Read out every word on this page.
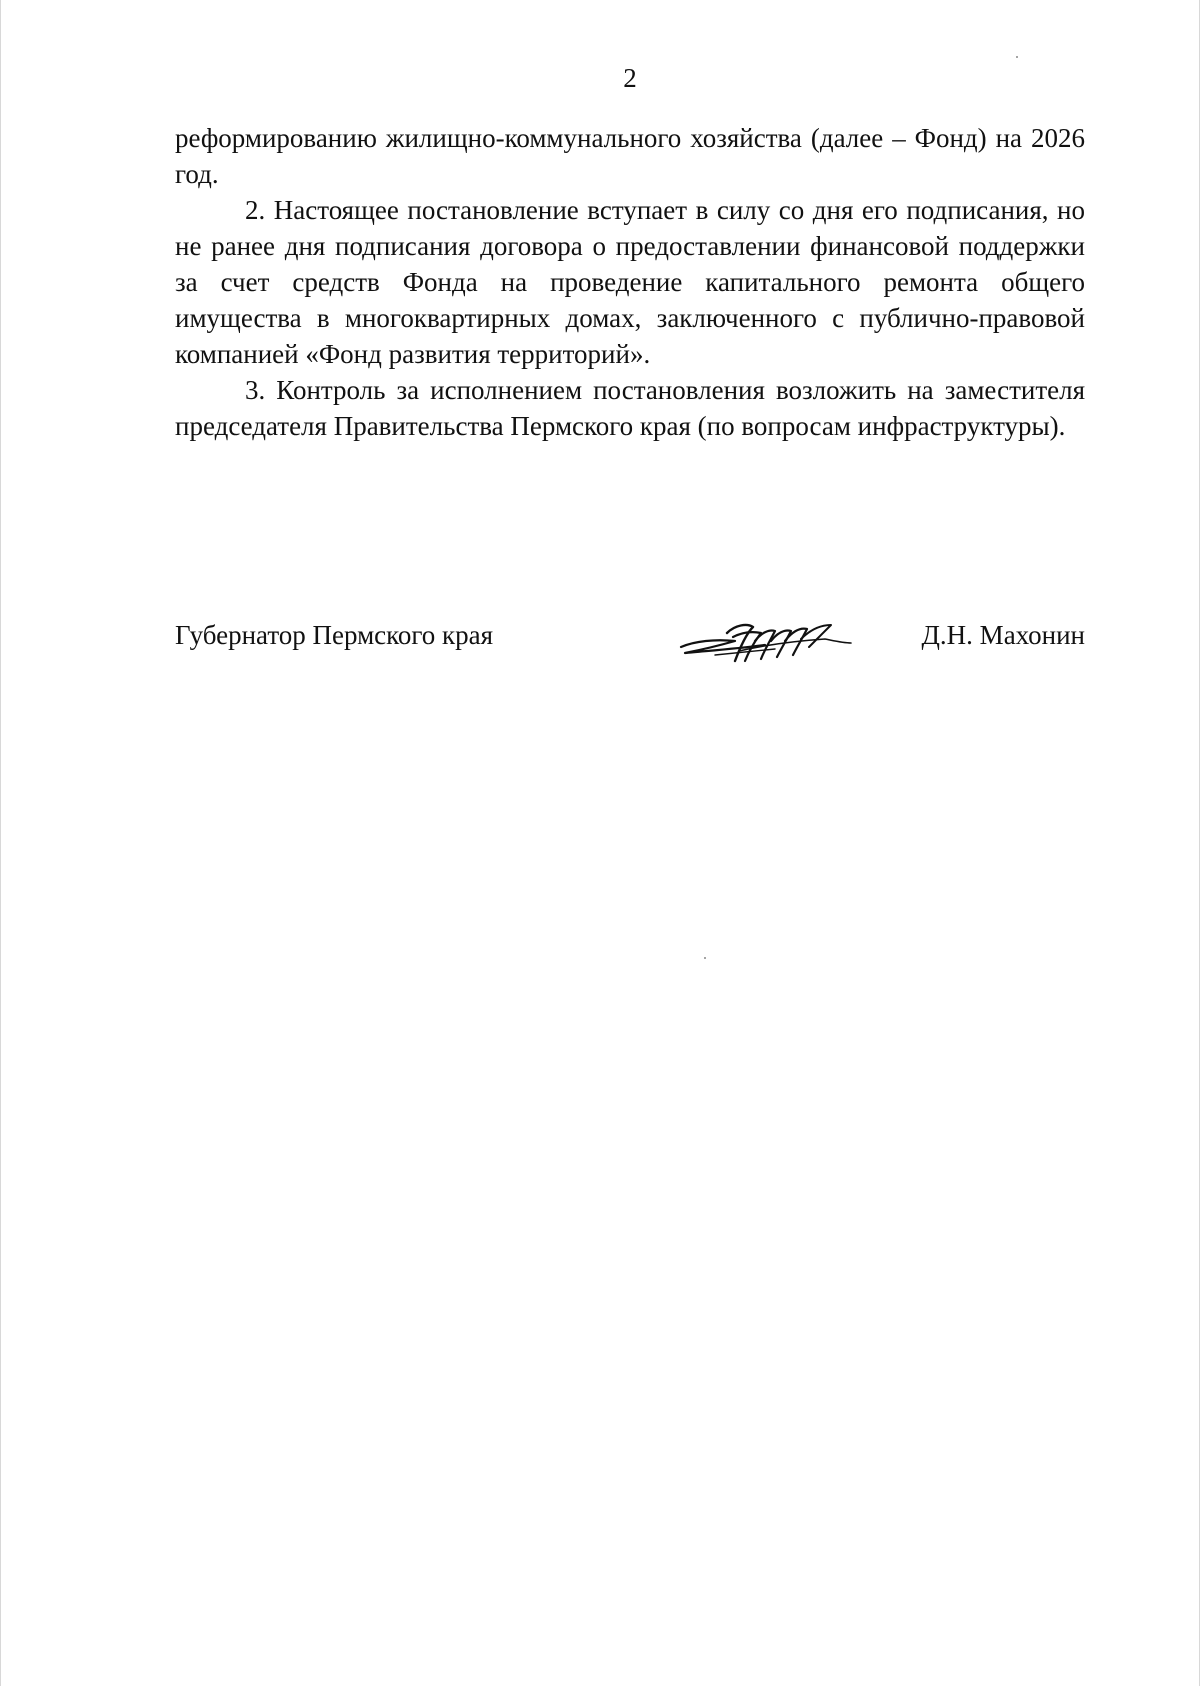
2

реформированию жилищно-коммунального хозяйства (далее – Фонд) на 2026 год.

2. Настоящее постановление вступает в силу со дня его подписания, но не ранее дня подписания договора о предоставлении финансовой поддержки за счет средств Фонда на проведение капитального ремонта общего имущества в многоквартирных домах, заключенного с публично-правовой компанией «Фонд развития территорий».

3. Контроль за исполнением постановления возложить на заместителя председателя Правительства Пермского края (по вопросам инфраструктуры).

Губернатор Пермского края	Д.Н. Махонин
